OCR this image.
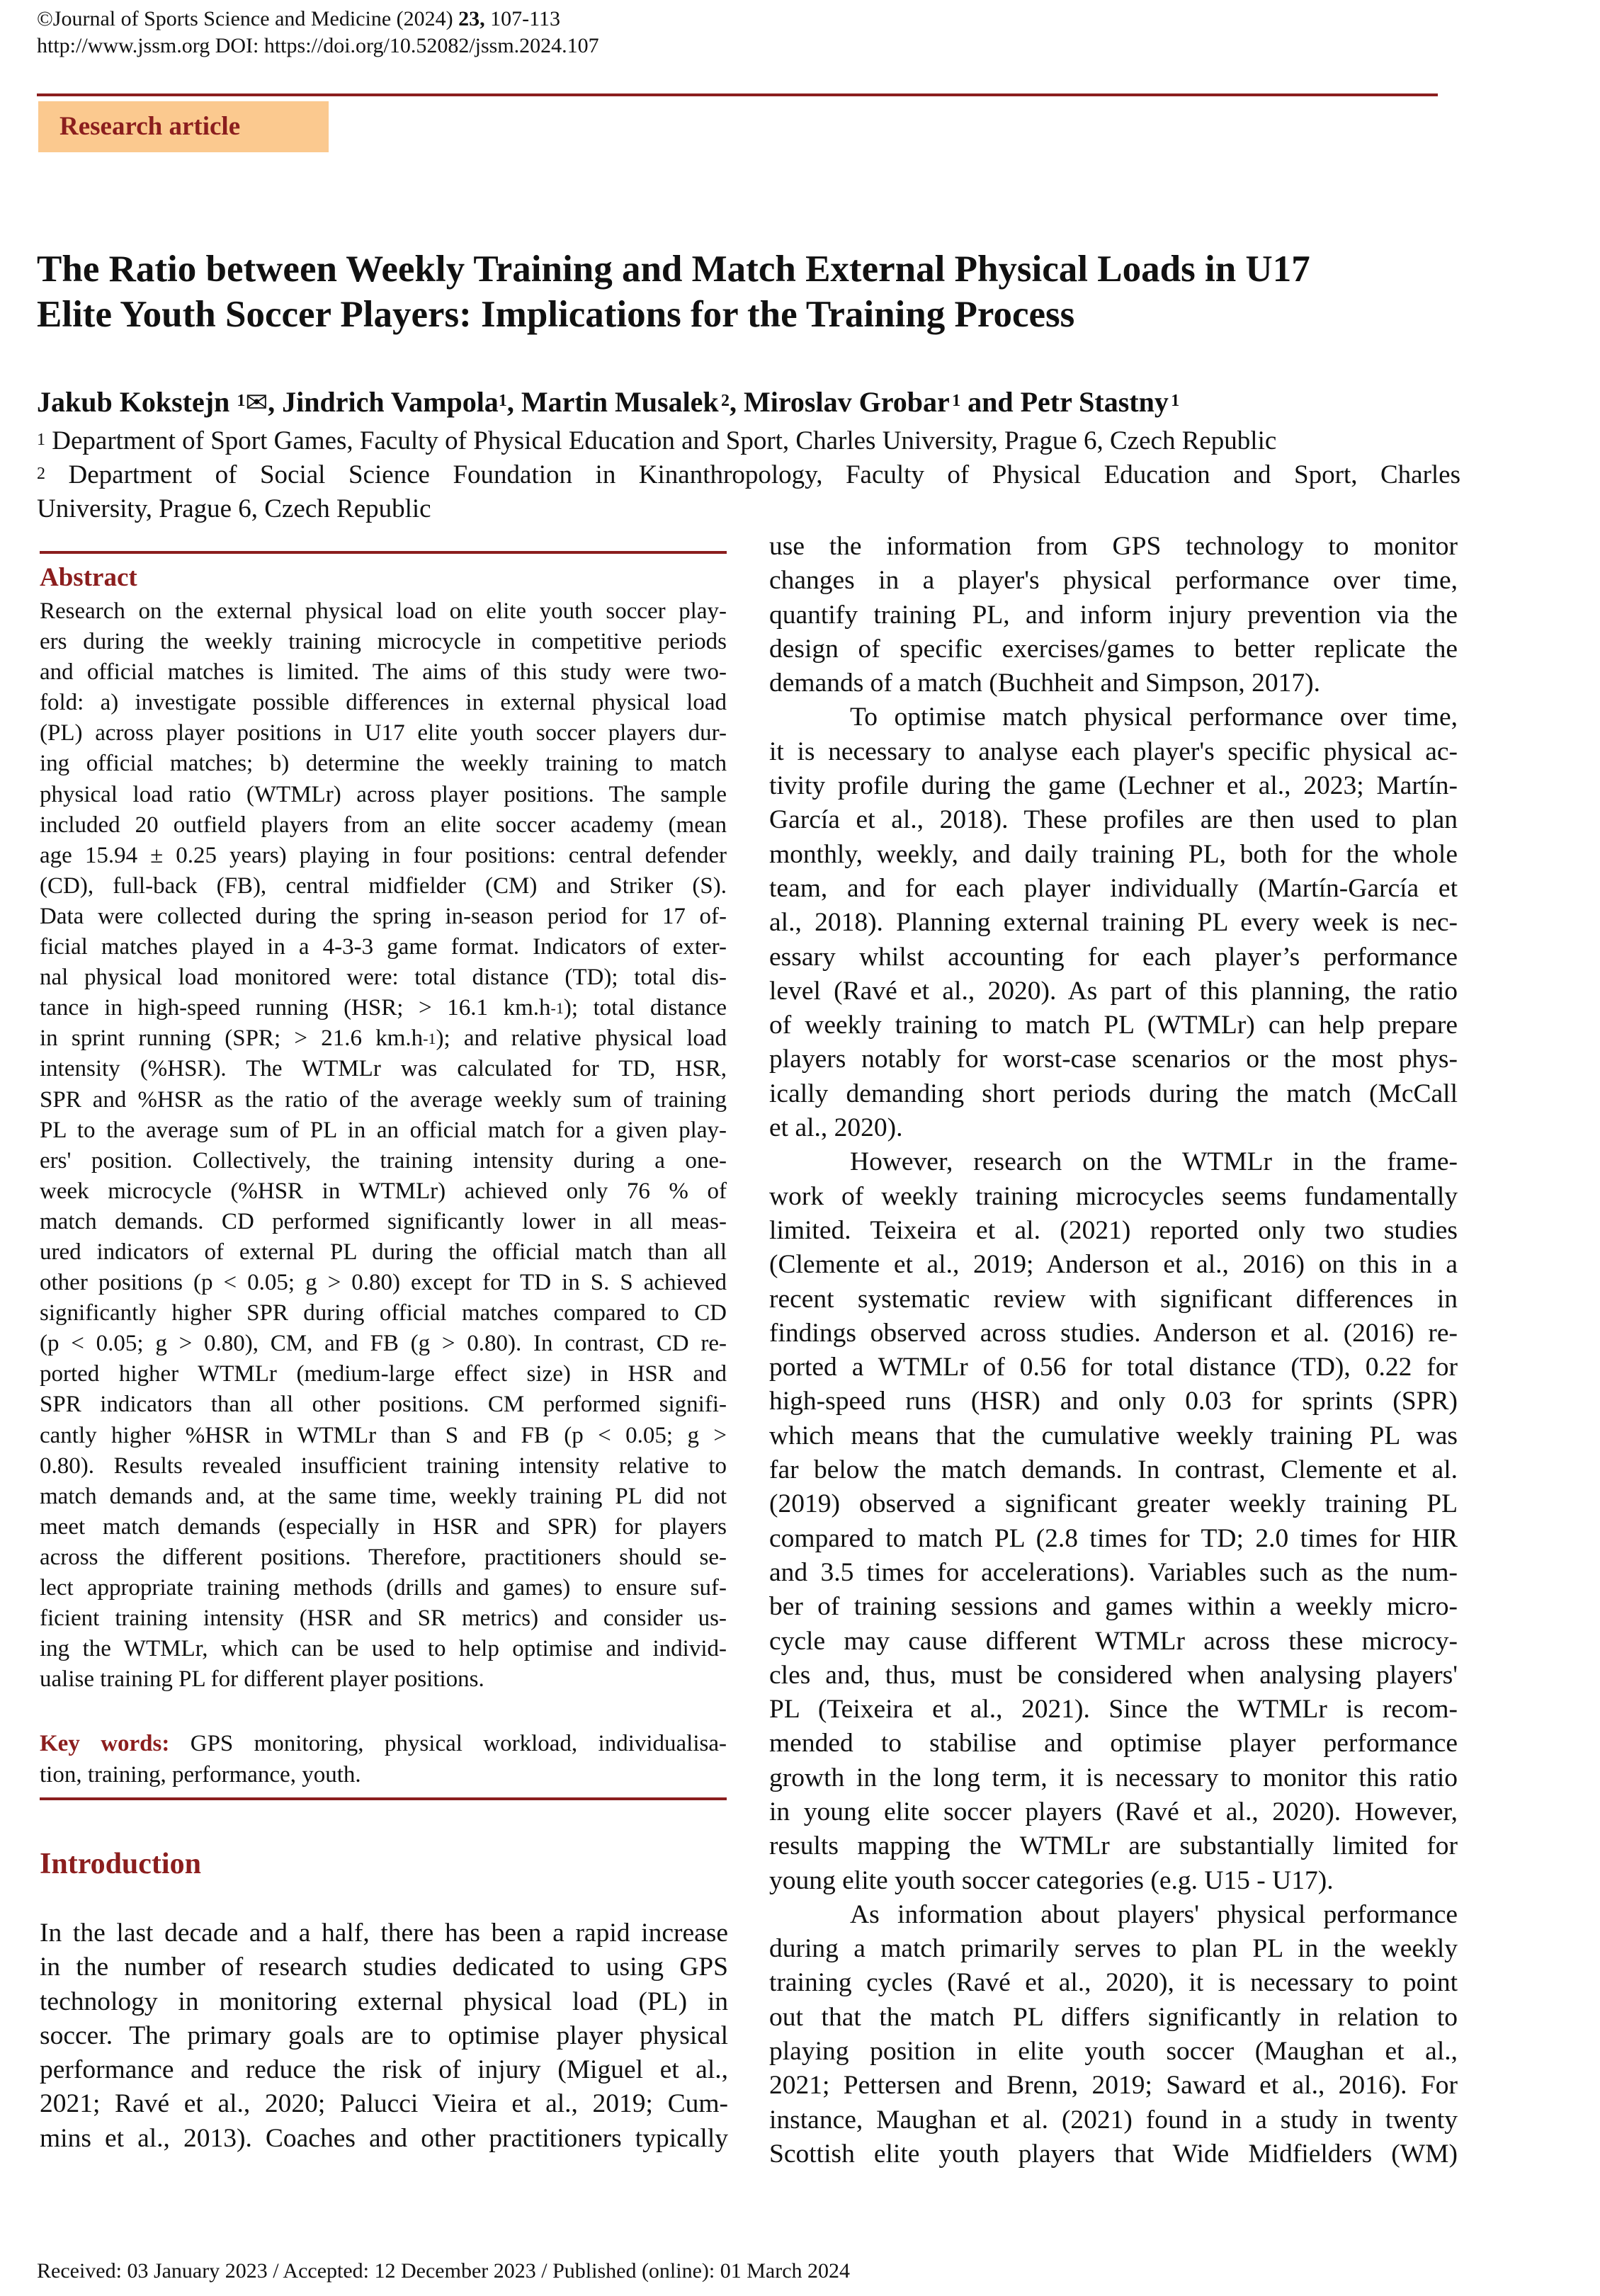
©Journal of Sports Science and Medicine (2024) 23, 107-113
http://www.jssm.org DOI: https://doi.org/10.52082/jssm.2024.107
Research article
The Ratio between Weekly Training and Match External Physical Loads in U17
Elite Youth Soccer Players: Implications for the Training Process
Jakub Kokstejn $^1$✉, Jindrich Vampola$^1$, Martin Musalek  $^2$, Miroslav Grobar  $^1$ and Petr Stastny  $^1$
$^1$ Department of Sport Games, Faculty of Physical Education and Sport, Charles University, Prague 6, Czech Republic
$^2$ Department of Social Science Foundation in Kinanthropology, Faculty of Physical Education and Sport, Charles
University, Prague 6, Czech Republic
Abstract
Research on the external physical load on elite youth soccer play-
ers during the weekly training microcycle in competitive periods
and official matches is limited. The aims of this study were two-
fold: a) investigate possible differences in external physical load
(PL) across player positions in U17 elite youth soccer players dur-
ing official matches; b) determine the weekly training to match
physical load ratio (WTMLr) across player positions. The sample
included 20 outfield players from an elite soccer academy (mean
age 15.94 ± 0.25 years) playing in four positions: central defender
(CD), full-back (FB), central midfielder (CM) and Striker (S).
Data were collected during the spring in-season period for 17 of-
ficial matches played in a 4-3-3 game format. Indicators of exter-
nal physical load monitored were: total distance (TD); total dis-
tance in high-speed running (HSR; > 16.1 $km.h^{-1}$); total distance
in sprint running (SPR; > 21.6 $km.h^{-1}$); and relative physical load
intensity (%HSR). The WTMLr was calculated for TD, HSR,
SPR and %HSR as the ratio of the average weekly sum of training
PL to the average sum of PL in an official match for a given play-
ers' position. Collectively, the training intensity during a one-
week microcycle (%HSR in WTMLr) achieved only 76 % of
match demands. CD performed significantly lower in all meas-
ured indicators of external PL during the official match than all
other positions (p < 0.05; g > 0.80) except for TD in S. S achieved
significantly higher SPR during official matches compared to CD
(p < 0.05; g > 0.80), CM, and FB (g > 0.80). In contrast, CD re-
ported higher WTMLr (medium-large effect size) in HSR and
SPR indicators than all other positions. CM performed signifi-
cantly higher %HSR in WTMLr than S and FB (p < 0.05; g >
0.80). Results revealed insufficient training intensity relative to
match demands and, at the same time, weekly training PL did not
meet match demands (especially in HSR and SPR) for players
across the different positions. Therefore, practitioners should se-
lect appropriate training methods (drills and games) to ensure suf-
ficient training intensity (HSR and SR metrics) and consider us-
ing the WTMLr, which can be used to help optimise and individ-
ualise training PL for different player positions.
Key words: GPS monitoring, physical workload, individualisa-
tion, training, performance, youth.
Introduction
In the last decade and a half, there has been a rapid increase
in the number of research studies dedicated to using GPS
technology in monitoring external physical load (PL) in
soccer. The primary goals are to optimise player physical
performance and reduce the risk of injury (Miguel et al.,
2021; Ravé et al., 2020; Palucci Vieira et al., 2019; Cum-
mins et al., 2013). Coaches and other practitioners typically
use the information from GPS technology to monitor
changes in a player's physical performance over time,
quantify training PL, and inform injury prevention via the
design of specific exercises/games to better replicate the
demands of a match (Buchheit and Simpson, 2017).
To optimise match physical performance over time,
it is necessary to analyse each player's specific physical ac-
tivity profile during the game (Lechner et al., 2023; Martín-
García et al., 2018). These profiles are then used to plan
monthly, weekly, and daily training PL, both for the whole
team, and for each player individually (Martín-García et
al., 2018). Planning external training PL every week is nec-
essary whilst accounting for each player’s performance
level (Ravé et al., 2020). As part of this planning, the ratio
of weekly training to match PL (WTMLr) can help prepare
players notably for worst-case scenarios or the most phys-
ically demanding short periods during the match (McCall
et al., 2020).
However, research on the WTMLr in the frame-
work of weekly training microcycles seems fundamentally
limited. Teixeira et al. (2021) reported only two studies
(Clemente et al., 2019; Anderson et al., 2016) on this in a
recent systematic review with significant differences in
findings observed across studies. Anderson et al. (2016) re-
ported a WTMLr of 0.56 for total distance (TD), 0.22 for
high-speed runs (HSR) and only 0.03 for sprints (SPR)
which means that the cumulative weekly training PL was
far below the match demands. In contrast, Clemente et al.
(2019) observed a significant greater weekly training PL
compared to match PL (2.8 times for TD; 2.0 times for HIR
and 3.5 times for accelerations). Variables such as the num-
ber of training sessions and games within a weekly micro-
cycle may cause different WTMLr across these microcy-
cles and, thus, must be considered when analysing players'
PL (Teixeira et al., 2021). Since the WTMLr is recom-
mended to stabilise and optimise player performance
growth in the long term, it is necessary to monitor this ratio
in young elite soccer players (Ravé et al., 2020). However,
results mapping the WTMLr are substantially limited for
young elite youth soccer categories (e.g. U15 - U17).
As information about players' physical performance
during a match primarily serves to plan PL in the weekly
training cycles (Ravé et al., 2020), it is necessary to point
out that the match PL differs significantly in relation to
playing position in elite youth soccer (Maughan et al.,
2021; Pettersen and Brenn, 2019; Saward et al., 2016). For
instance, Maughan et al. (2021) found in a study in twenty
Scottish elite youth players that Wide Midfielders (WM)
Received: 03 January 2023 / Accepted: 12 December 2023 / Published (online): 01 March 2024
